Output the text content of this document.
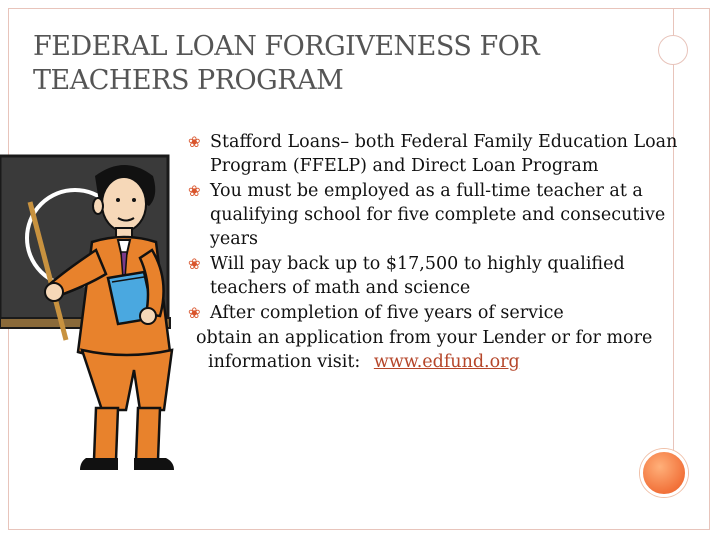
FEDERAL LOAN FORGIVENESS FOR
TEACHERS PROGRAM
❀ Stafford Loans– both Federal Family Education Loan Program (FFELP) and Direct Loan Program
❀ You must be employed as a full-time teacher at a qualifying school for five complete and consecutive years
❀ Will pay back up to $17,500 to highly qualified teachers of math and science
❀ After completion of five years of service
obtain an application from your Lender or for more information visit: www.edfund.org
